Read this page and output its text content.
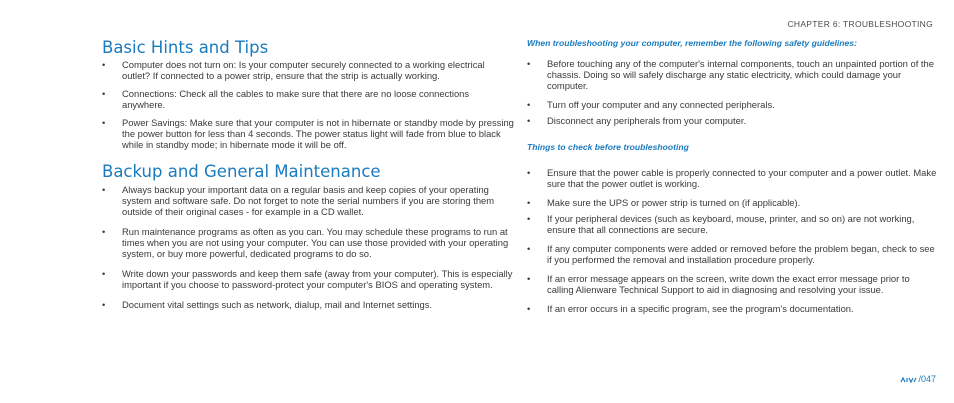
CHAPTER 6: TROUBLESHOOTING
Basic Hints and Tips
• Computer does not turn on: Is your computer securely connected to a working electrical outlet? If connected to a power strip, ensure that the strip is actually working.
• Connections: Check all the cables to make sure that there are no loose connections anywhere.
• Power Savings: Make sure that your computer is not in hibernate or standby mode by pressing the power button for less than 4 seconds. The power status light will fade from blue to black while in standby mode; in hibernate mode it will be off.
Backup and General Maintenance
• Always backup your important data on a regular basis and keep copies of your operating system and software safe. Do not forget to note the serial numbers if you are storing them outside of their original cases - for example in a CD wallet.
• Run maintenance programs as often as you can. You may schedule these programs to run at times when you are not using your computer. You can use those provided with your operating system, or buy more powerful, dedicated programs to do so.
• Write down your passwords and keep them safe (away from your computer). This is especially important if you choose to password-protect your computer's BIOS and operating system.
• Document vital settings such as network, dialup, mail and Internet settings.
When troubleshooting your computer, remember the following safety guidelines:
• Before touching any of the computer's internal components, touch an unpainted portion of the chassis. Doing so will safely discharge any static electricity, which could damage your computer.
• Turn off your computer and any connected peripherals.
• Disconnect any peripherals from your computer.
Things to check before troubleshooting
• Ensure that the power cable is properly connected to your computer and a power outlet. Make sure that the power outlet is working.
• Make sure the UPS or power strip is turned on (if applicable).
• If your peripheral devices (such as keyboard, mouse, printer, and so on) are not working, ensure that all connections are secure.
• If any computer components were added or removed before the problem began, check to see if you performed the removal and installation procedure properly.
• If an error message appears on the screen, write down the exact error message prior to calling Alienware Technical Support to aid in diagnosing and resolving your issue.
• If an error occurs in a specific program, see the program's documentation.
/047
